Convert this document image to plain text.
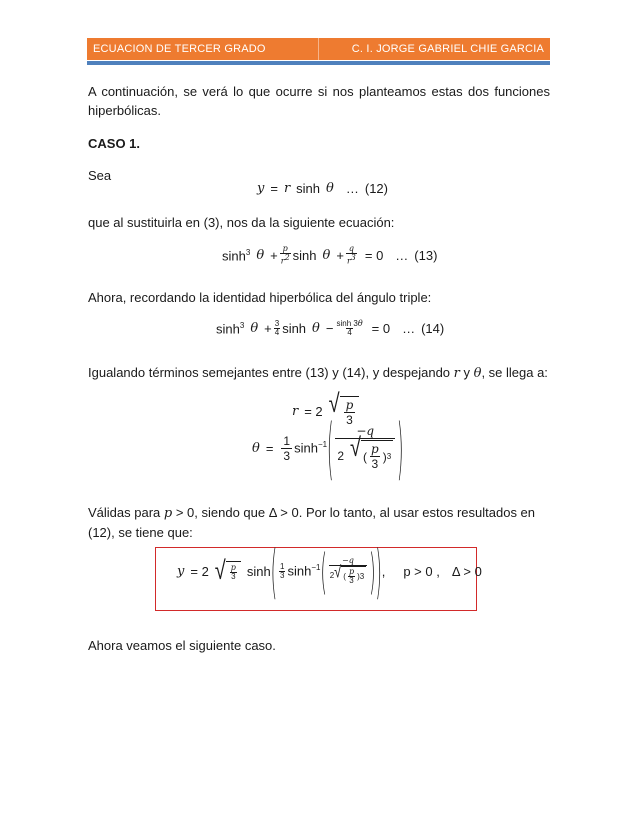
ECUACION DE TERCER GRADO	C. I. JORGE GABRIEL CHIE GARCIA
A continuación, se verá lo que ocurre si nos planteamos estas dos funciones hiperbólicas.
CASO 1.
Sea
y = r sinh θ … (12)
que al sustituirla en (3), nos da la siguiente ecuación:
$\sinh^3 \theta + \frac{p}{r^2}$ $\sinh \theta + \frac{q}{r^3} = 0$ … (13)
Ahora, recordando la identidad hiperbólica del ángulo triple:
$\sinh^3 \theta + \frac{3}{4}$ $\sinh \theta - \frac{\sinh 3\theta}{4} = 0$ … (14)
Igualando términos semejantes entre (13) y (14), y despejando r y θ, se llega a:
r = 2 √ $\frac{p}{3}$
$\theta = \frac{1}{3} \sinh^{-1}$ ( $\frac{-q}{2 √ ( \frac{p}{3} ) 3}$ )
Válidas para p > 0, siendo que Δ > 0. Por lo tanto, al usar estos resultados en (12), se tiene que:
y = 2 √ $\frac{p}{3}$ sinh ( $\frac{1}{3} \sinh^{-1}$ ( $\frac{-q}{2 √ ( \frac{p}{3} ) 3}$ ) ) , p > 0 , Δ > 0
Ahora veamos el siguiente caso.
